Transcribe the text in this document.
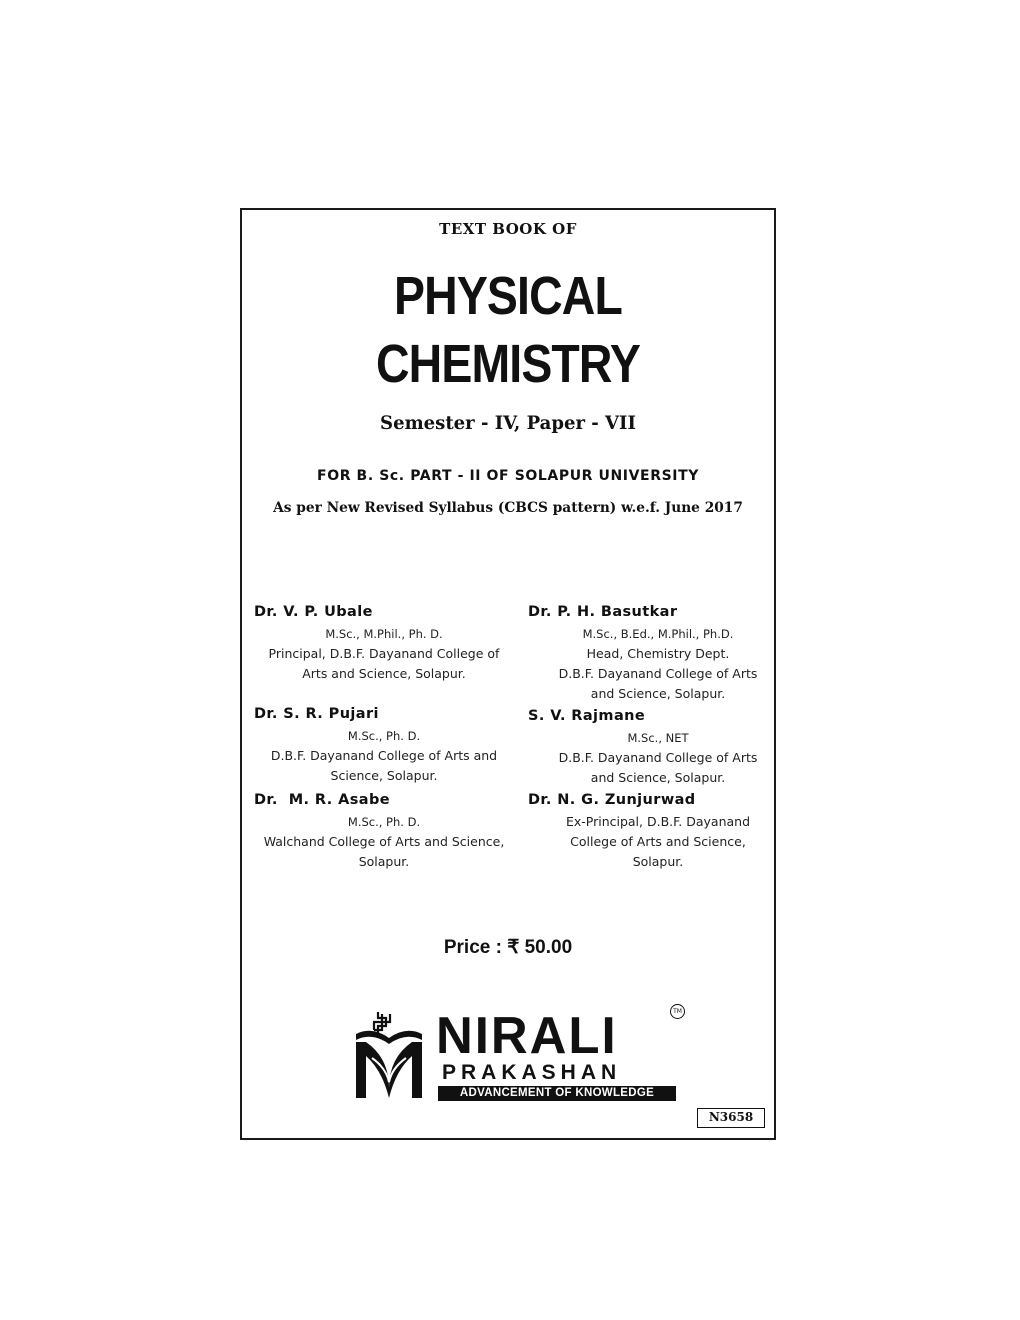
TEXT BOOK OF
PHYSICAL
CHEMISTRY
Semester - IV, Paper - VII
FOR B. Sc. PART - II OF SOLAPUR UNIVERSITY
As per New Revised Syllabus (CBCS pattern) w.e.f. June 2017
Dr. V. P. Ubale
M.Sc., M.Phil., Ph. D.
Principal, D.B.F. Dayanand College of
Arts and Science, Solapur.
Dr. P. H. Basutkar
M.Sc., B.Ed., M.Phil., Ph.D.
Head, Chemistry Dept.
D.B.F. Dayanand College of Arts
and Science, Solapur.
Dr. S. R. Pujari
M.Sc., Ph. D.
D.B.F. Dayanand College of Arts and
Science, Solapur.
S. V. Rajmane
M.Sc., NET
D.B.F. Dayanand College of Arts
and Science, Solapur.
Dr.  M. R. Asabe
M.Sc., Ph. D.
Walchand College of Arts and Science,
Solapur.
Dr. N. G. Zunjurwad
Ex-Principal, D.B.F. Dayanand
College of Arts and Science,
Solapur.
Price : ₹ 50.00
NIRALI	TM
PRAKASHAN
ADVANCEMENT OF KNOWLEDGE
N3658
